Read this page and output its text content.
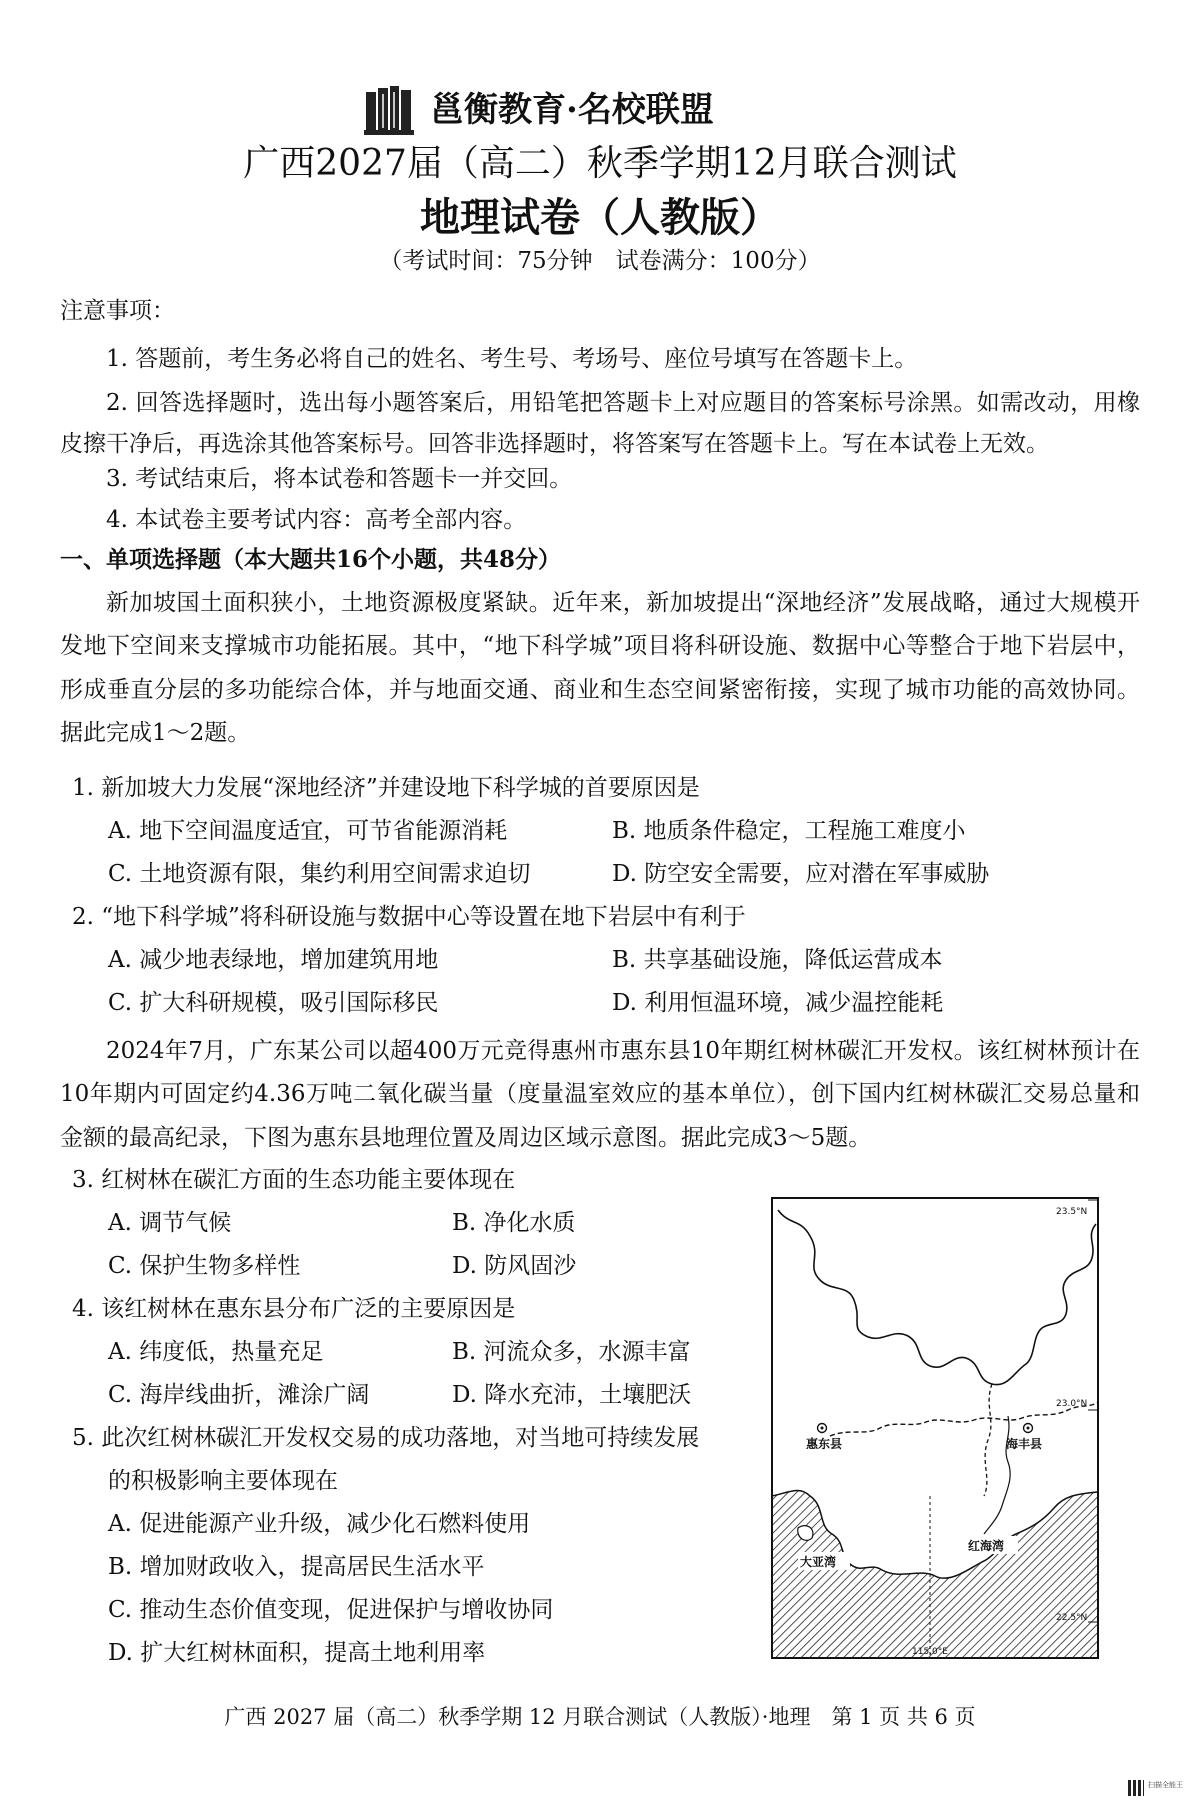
邕衡教育·名校联盟
广西2027届（高二）秋季学期12月联合测试
地理试卷（人教版）
（考试时间：75分钟　试卷满分：100分）
注意事项：
1. 答题前，考生务必将自己的姓名、考生号、考场号、座位号填写在答题卡上。
2. 回答选择题时，选出每小题答案后，用铅笔把答题卡上对应题目的答案标号涂黑。如需改动，用橡皮擦干净后，再选涂其他答案标号。回答非选择题时，将答案写在答题卡上。写在本试卷上无效。
3. 考试结束后，将本试卷和答题卡一并交回。
4. 本试卷主要考试内容：高考全部内容。
一、单项选择题（本大题共16个小题，共48分）
新加坡国土面积狭小，土地资源极度紧缺。近年来，新加坡提出“深地经济”发展战略，通过大规模开发地下空间来支撑城市功能拓展。其中，“地下科学城”项目将科研设施、数据中心等整合于地下岩层中，形成垂直分层的多功能综合体，并与地面交通、商业和生态空间紧密衔接，实现了城市功能的高效协同。据此完成1～2题。
1. 新加坡大力发展“深地经济”并建设地下科学城的首要原因是
A. 地下空间温度适宜，可节省能源消耗	B. 地质条件稳定，工程施工难度小
C. 土地资源有限，集约利用空间需求迫切	D. 防空安全需要，应对潜在军事威胁
2. “地下科学城”将科研设施与数据中心等设置在地下岩层中有利于
A. 减少地表绿地，增加建筑用地	B. 共享基础设施，降低运营成本
C. 扩大科研规模，吸引国际移民	D. 利用恒温环境，减少温控能耗
2024年7月，广东某公司以超400万元竞得惠州市惠东县10年期红树林碳汇开发权。该红树林预计在10年期内可固定约4.36万吨二氧化碳当量（度量温室效应的基本单位），创下国内红树林碳汇交易总量和金额的最高纪录，下图为惠东县地理位置及周边区域示意图。据此完成3～5题。
3. 红树林在碳汇方面的生态功能主要体现在
A. 调节气候	B. 净化水质
C. 保护生物多样性	D. 防风固沙
4. 该红树林在惠东县分布广泛的主要原因是
A. 纬度低，热量充足	B. 河流众多，水源丰富
C. 海岸线曲折，滩涂广阔	D. 降水充沛，土壤肥沃
5. 此次红树林碳汇开发权交易的成功落地，对当地可持续发展
的积极影响主要体现在
A. 促进能源产业升级，减少化石燃料使用
B. 增加财政收入，提高居民生活水平
C. 推动生态价值变现，促进保护与增收协同
D. 扩大红树林面积，提高土地利用率
23.5°N
23.0°N
22.5°N
115.0°E
惠东县	海丰县
大亚湾
红海湾
广西 2027 届（高二）秋季学期 12 月联合测试（人教版）·地理　第 1 页 共 6 页
扫描全能王
